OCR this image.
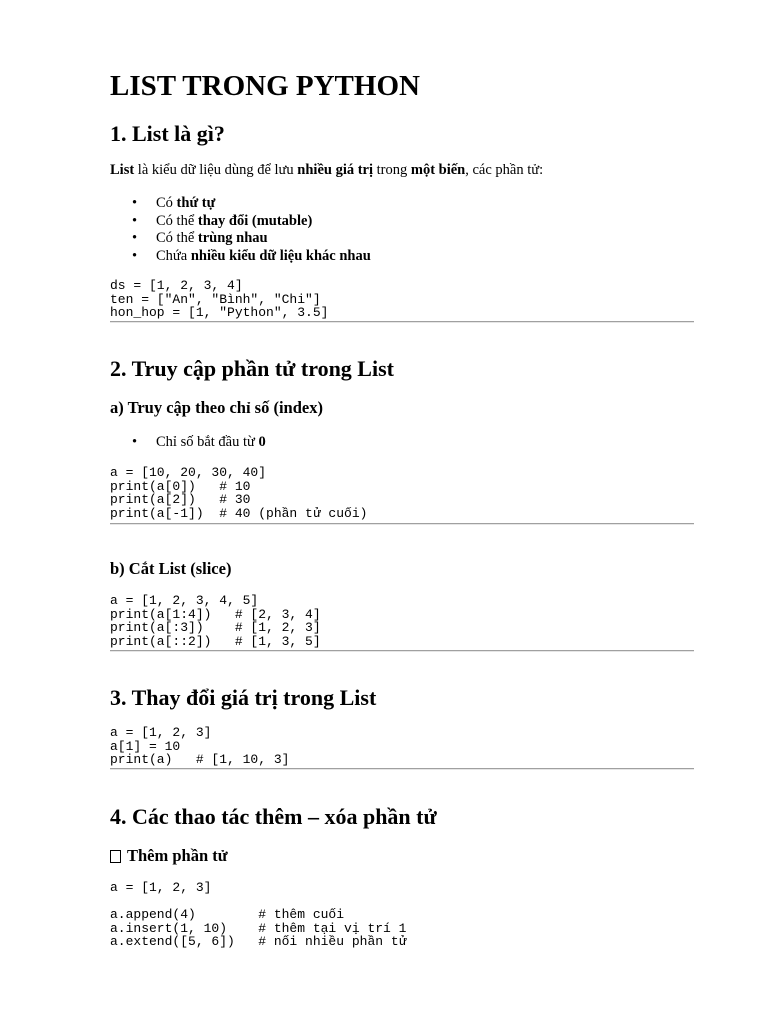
LIST TRONG PYTHON
1. List là gì?
List là kiểu dữ liệu dùng để lưu nhiều giá trị trong một biến, các phần tử:
• Có thứ tự
• Có thể thay đổi (mutable)
• Có thể trùng nhau
• Chứa nhiều kiểu dữ liệu khác nhau
ds = [1, 2, 3, 4]
ten = ["An", "Bình", "Chi"]
hon_hop = [1, "Python", 3.5]
2. Truy cập phần tử trong List
a) Truy cập theo chỉ số (index)
• Chỉ số bắt đầu từ 0
a = [10, 20, 30, 40]
print(a[0])   # 10
print(a[2])   # 30
print(a[-1])  # 40 (phần tử cuối)
b) Cắt List (slice)
a = [1, 2, 3, 4, 5]
print(a[1:4])   # [2, 3, 4]
print(a[:3])    # [1, 2, 3]
print(a[::2])   # [1, 3, 5]
3. Thay đổi giá trị trong List
a = [1, 2, 3]
a[1] = 10
print(a)   # [1, 10, 3]
4. Các thao tác thêm – xóa phần tử
Thêm phần tử
a = [1, 2, 3]
a.append(4)        # thêm cuối
a.insert(1, 10)    # thêm tại vị trí 1
a.extend([5, 6])   # nối nhiều phần tử
